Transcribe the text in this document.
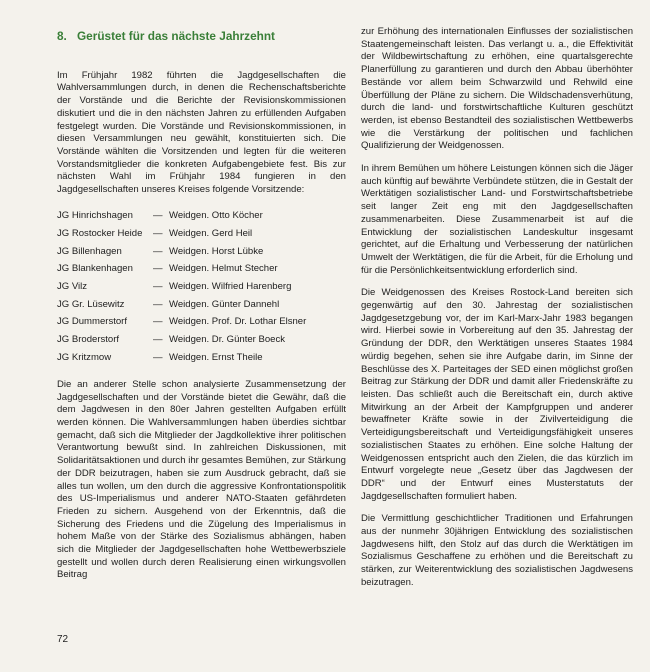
8. Gerüstet für das nächste Jahrzehnt

Im Frühjahr 1982 führten die Jagdgesellschaften die Wahlversammlungen durch, in denen die Rechenschaftsberichte der Vorstände und die Berichte der Revisionskommissionen diskutiert und die in den nächsten Jahren zu erfüllenden Aufgaben festgelegt wurden. Die Vorstände und Revisionskommissionen, in diesen Versammlungen neu gewählt, konstituierten sich. Die Vorstände wählten die Vorsitzenden und legten für die weiteren Vorstandsmitglieder die konkreten Aufgabengebiete fest. Bis zur nächsten Wahl im Frühjahr 1984 fungieren in den Jagdgesellschaften unseres Kreises folgende Vorsitzende:

JG Hinrichshagen	—	Weidgen. Otto Köcher
JG Rostocker Heide	—	Weidgen. Gerd Heil
JG Billenhagen	—	Weidgen. Horst Lübke
JG Blankenhagen	—	Weidgen. Helmut Stecher
JG Vilz	—	Weidgen. Wilfried Harenberg
JG Gr. Lüsewitz	—	Weidgen. Günter Dannehl
JG Dummerstorf	—	Weidgen. Prof. Dr. Lothar Elsner
JG Broderstorf	—	Weidgen. Dr. Günter Boeck
JG Kritzmow	—	Weidgen. Ernst Theile

Die an anderer Stelle schon analysierte Zusammensetzung der Jagdgesellschaften und der Vorstände bietet die Gewähr, daß die dem Jagdwesen in den 80er Jahren gestellten Aufgaben erfüllt werden können. Die Wahlversammlungen haben überdies sichtbar gemacht, daß sich die Mitglieder der Jagdkollektive ihrer politischen Verantwortung bewußt sind. In zahlreichen Diskussionen, mit Solidaritätsaktionen und durch ihr gesamtes Bemühen, zur Stärkung der DDR beizutragen, haben sie zum Ausdruck gebracht, daß sie alles tun wollen, um den durch die aggressive Konfrontationspolitik des US-Imperialismus und anderer NATO-Staaten gefährdeten Frieden zu sichern. Ausgehend von der Erkenntnis, daß die Sicherung des Friedens und die Zügelung des Imperialismus in hohem Maße von der Stärke des Sozialismus abhängen, haben sich die Mitglieder der Jagdgesellschaften hohe Wettbewerbsziele gestellt und wollen durch deren Realisierung einen wirkungsvollen Beitrag

zur Erhöhung des internationalen Einflusses der sozialistischen Staatengemeinschaft leisten. Das verlangt u. a., die Effektivität der Wildbewirtschaftung zu erhöhen, eine quartalsgerechte Planerfüllung zu garantieren und durch den Abbau überhöhter Bestände vor allem beim Schwarzwild und Rehwild eine Überfüllung der Pläne zu sichern. Die Wildschadensverhütung, durch die land- und forstwirtschaftliche Kulturen geschützt werden, ist ebenso Bestandteil des sozialistischen Wettbewerbs wie die Verstärkung der politischen und fachlichen Qualifizierung der Weidgenossen.

In ihrem Bemühen um höhere Leistungen können sich die Jäger auch künftig auf bewährte Verbündete stützen, die in Gestalt der Werktätigen sozialistischer Land- und Forstwirtschaftsbetriebe seit langer Zeit eng mit den Jagdgesellschaften zusammenarbeiten. Diese Zusammenarbeit ist auf die Entwicklung der sozialistischen Landeskultur insgesamt gerichtet, auf die Erhaltung und Verbesserung der natürlichen Umwelt der Werktätigen, die für die Arbeit, für die Erholung und für die Persönlichkeitsentwicklung erforderlich sind.

Die Weidgenossen des Kreises Rostock-Land bereiten sich gegenwärtig auf den 30. Jahrestag der sozialistischen Jagdgesetzgebung vor, der im Karl-Marx-Jahr 1983 begangen wird. Hierbei sowie in Vorbereitung auf den 35. Jahrestag der Gründung der DDR, den Werktätigen unseres Staates 1984 würdig begehen, sehen sie ihre Aufgabe darin, im Sinne der Beschlüsse des X. Parteitages der SED einen möglichst großen Beitrag zur Stärkung der DDR und damit aller Friedenskräfte zu leisten. Das schließt auch die Bereitschaft ein, durch aktive Mitwirkung an der Arbeit der Kampfgruppen und anderer bewaffneter Kräfte sowie in der Zivilverteidigung die Verteidigungsbereitschaft und Verteidigungsfähigkeit unseres sozialistischen Staates zu erhöhen. Eine solche Haltung der Weidgenossen entspricht auch den Zielen, die das kürzlich im Entwurf vorgelegte neue „Gesetz über das Jagdwesen der DDR“ und der Entwurf eines Musterstatuts der Jagdgesellschaften formuliert haben.

Die Vermittlung geschichtlicher Traditionen und Erfahrungen aus der nunmehr 30jährigen Entwicklung des sozialistischen Jagdwesens hilft, den Stolz auf das durch die Werktätigen im Sozialismus Geschaffene zu erhöhen und die Bereitschaft zu stärken, zur Weiterentwicklung des sozialistischen Jagdwesens beizutragen.

72
